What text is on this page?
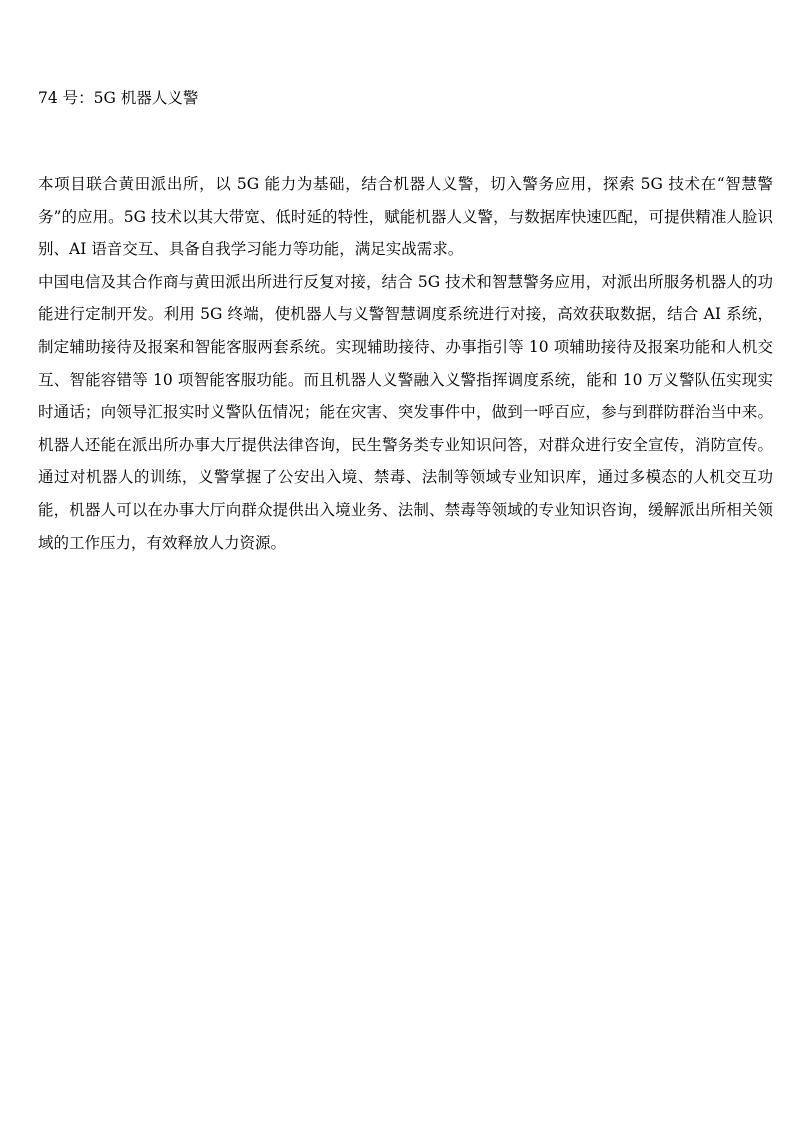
74 号：5G 机器人义警

本项目联合黄田派出所，以 5G 能力为基础，结合机器人义警，切入警务应用，探索 5G 技术在“智慧警务”的应用。5G 技术以其大带宽、低时延的特性，赋能机器人义警，与数据库快速匹配，可提供精准人脸识别、AI 语音交互、具备自我学习能力等功能，满足实战需求。

中国电信及其合作商与黄田派出所进行反复对接，结合 5G 技术和智慧警务应用，对派出所服务机器人的功能进行定制开发。利用 5G 终端，使机器人与义警智慧调度系统进行对接，高效获取数据，结合 AI 系统，制定辅助接待及报案和智能客服两套系统。实现辅助接待、办事指引等 10 项辅助接待及报案功能和人机交互、智能容错等 10 项智能客服功能。而且机器人义警融入义警指挥调度系统，能和 10 万义警队伍实现实时通话；向领导汇报实时义警队伍情况；能在灾害、突发事件中，做到一呼百应，参与到群防群治当中来。机器人还能在派出所办事大厅提供法律咨询，民生警务类专业知识问答，对群众进行安全宣传，消防宣传。通过对机器人的训练，义警掌握了公安出入境、禁毒、法制等领域专业知识库，通过多模态的人机交互功能，机器人可以在办事大厅向群众提供出入境业务、法制、禁毒等领域的专业知识咨询，缓解派出所相关领域的工作压力，有效释放人力资源。
